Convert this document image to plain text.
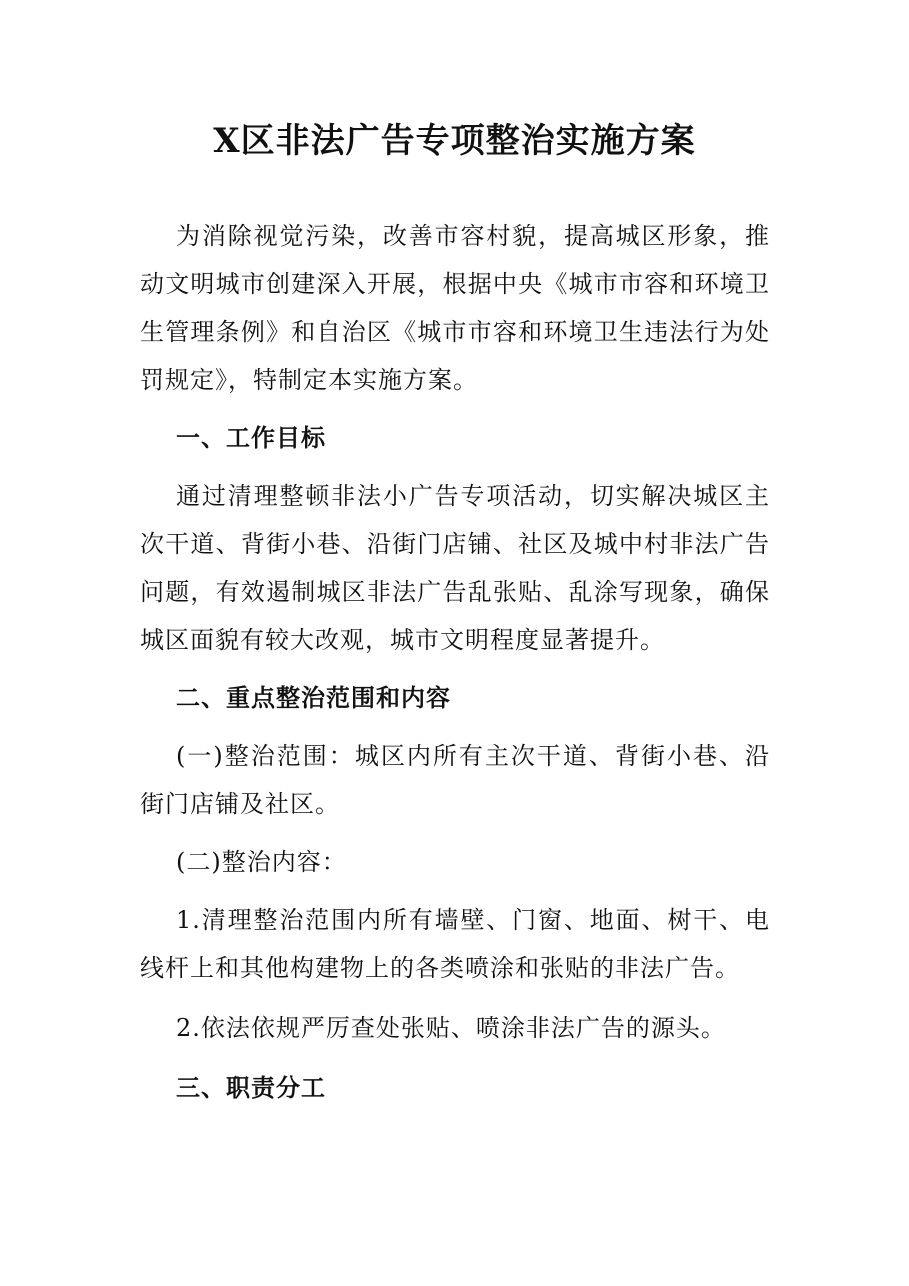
X区非法广告专项整治实施方案

为消除视觉污染，改善市容村貌，提高城区形象，推动文明城市创建深入开展，根据中央《城市市容和环境卫生管理条例》和自治区《城市市容和环境卫生违法行为处罚规定》，特制定本实施方案。

一、工作目标

通过清理整顿非法小广告专项活动，切实解决城区主次干道、背街小巷、沿街门店铺、社区及城中村非法广告问题，有效遏制城区非法广告乱张贴、乱涂写现象，确保城区面貌有较大改观，城市文明程度显著提升。

二、重点整治范围和内容

(一)整治范围：城区内所有主次干道、背街小巷、沿街门店铺及社区。

(二)整治内容：

1.清理整治范围内所有墙壁、门窗、地面、树干、电线杆上和其他构建物上的各类喷涂和张贴的非法广告。

2.依法依规严厉查处张贴、喷涂非法广告的源头。

三、职责分工
